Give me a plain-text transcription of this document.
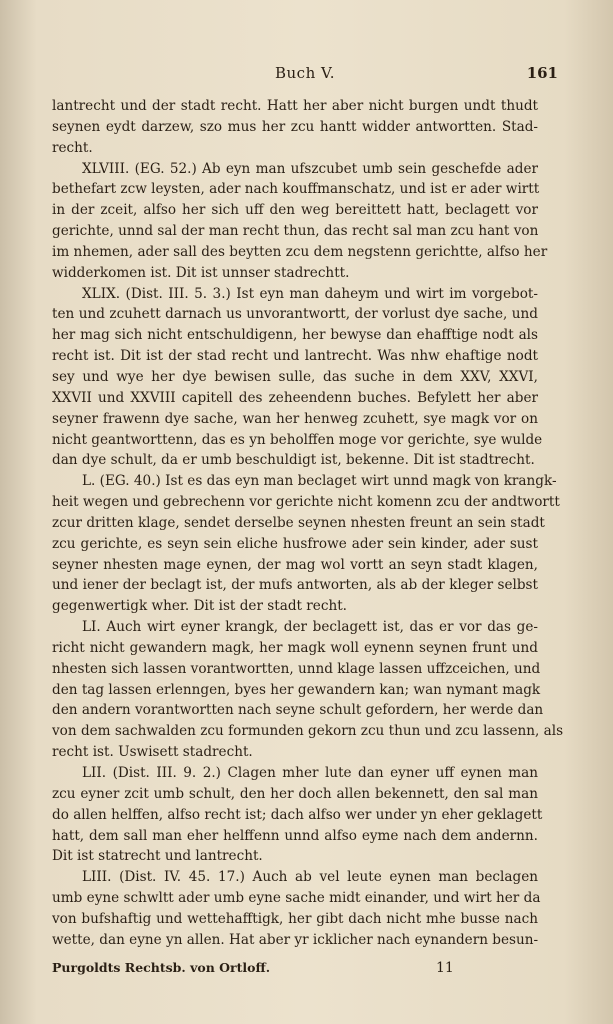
Buch V.	161
lantrecht und der stadt recht. Hatt her aber nicht burgen undt thudt
seynen eydt darzew, szo mus her zcu hantt widder antwortten. Stad-
recht.
XLVIII. (EG. 52.) Ab eyn man ufszcubet umb sein geschefde ader
bethefart zcw leysten, ader nach kouffmanschatz, und ist er ader wirtt
in der zceit, alfso her sich uff den weg bereittett hatt, beclagett vor
gerichte, unnd sal der man recht thun, das recht sal man zcu hant von
im nhemen, ader sall des beytten zcu dem negstenn gerichtte, alfso her
widderkomen ist. Dit ist unnser stadrechtt.
XLIX. (Dist. III. 5. 3.) Ist eyn man daheym und wirt im vorgebot-
ten und zcuhett darnach us unvorantwortt, der vorlust dye sache, und
her mag sich nicht entschuldigenn, her bewyse dan ehafftige nodt als
recht ist. Dit ist der stad recht und lantrecht. Was nhw ehaftige nodt
sey und wye her dye bewisen sulle, das suche in dem XXV, XXVI,
XXVII und XXVIII capitell des zeheendenn buches. Befylett her aber
seyner frawenn dye sache, wan her henweg zcuhett, sye magk vor on
nicht geantworttenn, das es yn beholffen moge vor gerichte, sye wulde
dan dye schult, da er umb beschuldigt ist, bekenne. Dit ist stadtrecht.
L. (EG. 40.) Ist es das eyn man beclaget wirt unnd magk von krangk-
heit wegen und gebrechenn vor gerichte nicht komenn zcu der andtwortt
zcur dritten klage, sendet derselbe seynen nhesten freunt an sein stadt
zcu gerichte, es seyn sein eliche husfrowe ader sein kinder, ader sust
seyner nhesten mage eynen, der mag wol vortt an seyn stadt klagen,
und iener der beclagt ist, der mufs antworten, als ab der kleger selbst
gegenwertigk wher. Dit ist der stadt recht.
LI. Auch wirt eyner krangk, der beclagett ist, das er vor das ge-
richt nicht gewandern magk, her magk woll eynenn seynen frunt und
nhesten sich lassen vorantwortten, unnd klage lassen uffzceichen, und
den tag lassen erlenngen, byes her gewandern kan; wan nymant magk
den andern vorantwortten nach seyne schult gefordern, her werde dan
von dem sachwalden zcu formunden gekorn zcu thun und zcu lassenn, als
recht ist. Uswisett stadrecht.
LII. (Dist. III. 9. 2.) Clagen mher lute dan eyner uff eynen man
zcu eyner zcit umb schult, den her doch allen bekennett, den sal man
do allen helffen, alfso recht ist; dach alfso wer under yn eher geklagett
hatt, dem sall man eher helffenn unnd alfso eyme nach dem andernn.
Dit ist statrecht und lantrecht.
LIII. (Dist. IV. 45. 17.) Auch ab vel leute eynen man beclagen
umb eyne schwltt ader umb eyne sache midt einander, und wirt her da
von bufshaftig und wettehafftigk, her gibt dach nicht mhe busse nach
wette, dan eyne yn allen. Hat aber yr icklicher nach eynandern besun-
Purgoldts Rechtsb. von Ortloff.	11
